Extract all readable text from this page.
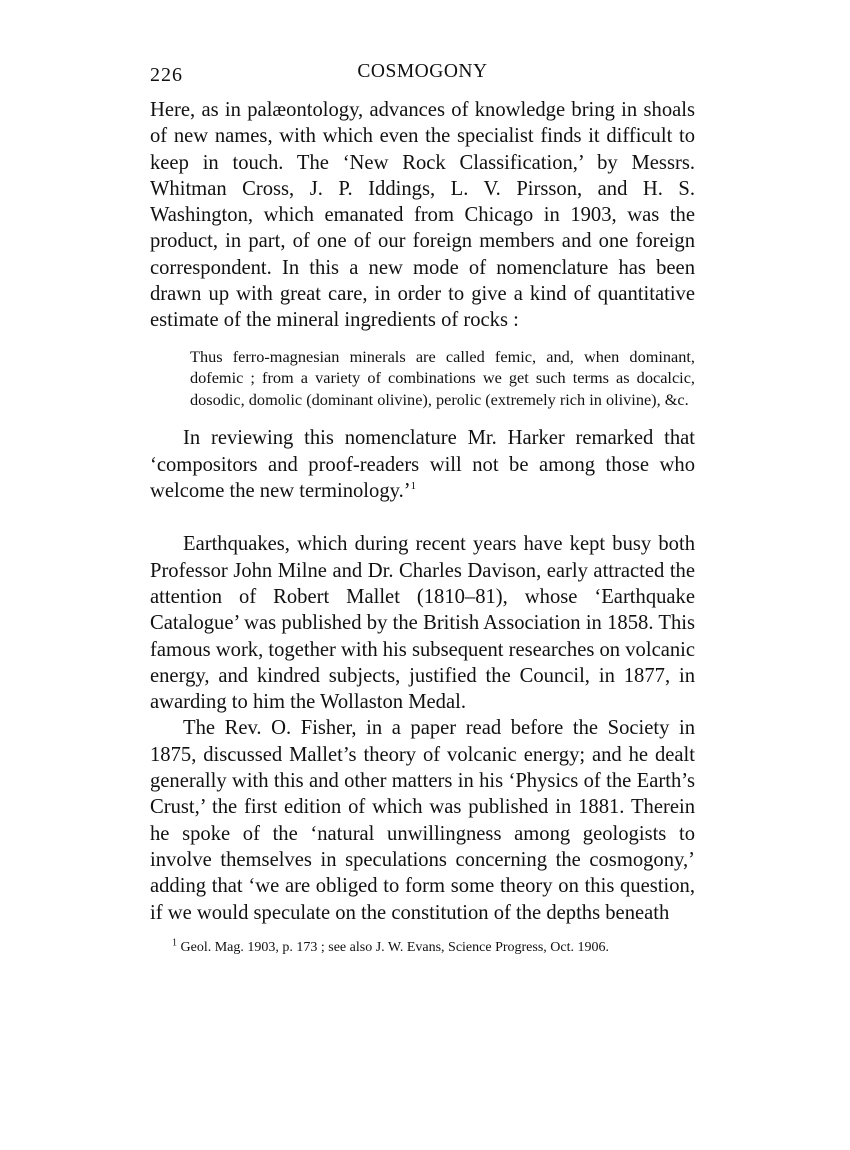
226	COSMOGONY

Here, as in palæontology, advances of knowledge bring in shoals of new names, with which even the specialist finds it difficult to keep in touch. The ‘New Rock Classification,’ by Messrs. Whitman Cross, J. P. Iddings, L. V. Pirsson, and H. S. Washington, which emanated from Chicago in 1903, was the product, in part, of one of our foreign members and one foreign correspondent. In this a new mode of nomenclature has been drawn up with great care, in order to give a kind of quantitative estimate of the mineral ingredients of rocks :

Thus ferro-magnesian minerals are called femic, and, when dominant, dofemic ; from a variety of combinations we get such terms as docalcic, dosodic, domolic (dominant olivine), perolic (extremely rich in olivine), &c.

In reviewing this nomenclature Mr. Harker remarked that ‘compositors and proof-readers will not be among those who welcome the new terminology.’$^1$

Earthquakes, which during recent years have kept busy both Professor John Milne and Dr. Charles Davison, early attracted the attention of Robert Mallet (1810–81), whose ‘Earthquake Catalogue’ was published by the British Association in 1858. This famous work, together with his subsequent researches on volcanic energy, and kindred subjects, justified the Council, in 1877, in awarding to him the Wollaston Medal.

The Rev. O. Fisher, in a paper read before the Society in 1875, discussed Mallet’s theory of volcanic energy; and he dealt generally with this and other matters in his ‘Physics of the Earth’s Crust,’ the first edition of which was published in 1881. Therein he spoke of the ‘natural unwillingness among geologists to involve themselves in speculations concerning the cosmogony,’ adding that ‘we are obliged to form some theory on this question, if we would speculate on the constitution of the depths beneath

$^1$ Geol. Mag. 1903, p. 173 ; see also J. W. Evans, Science Progress, Oct. 1906.
